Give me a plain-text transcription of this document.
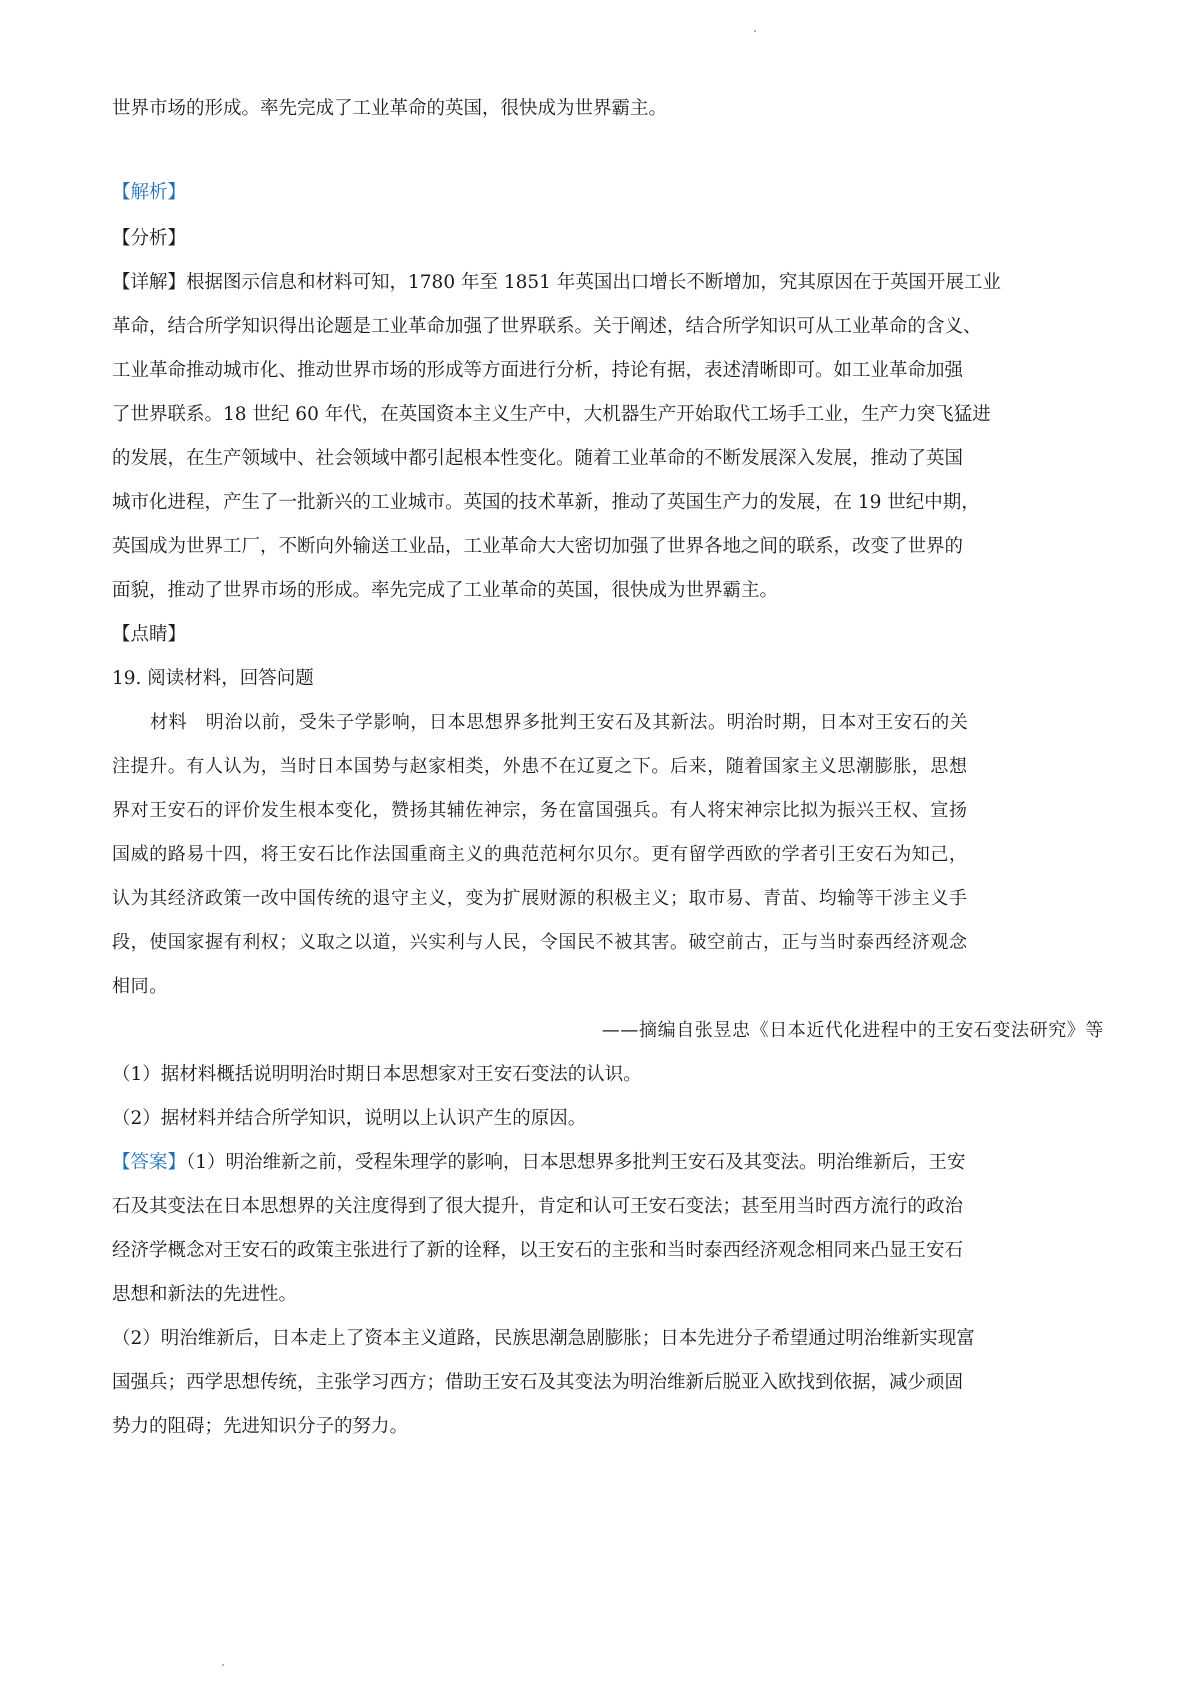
世界市场的形成。率先完成了工业革命的英国，很快成为世界霸主。
【解析】
【分析】
【详解】根据图示信息和材料可知，1780 年至 1851 年英国出口增长不断增加，究其原因在于英国开展工业
革命，结合所学知识得出论题是工业革命加强了世界联系。关于阐述，结合所学知识可从工业革命的含义、
工业革命推动城市化、推动世界市场的形成等方面进行分析，持论有据，表述清晰即可。如工业革命加强
了世界联系。18 世纪 60 年代，在英国资本主义生产中，大机器生产开始取代工场手工业，生产力突飞猛进
的发展，在生产领域中、社会领域中都引起根本性变化。随着工业革命的不断发展深入发展，推动了英国
城市化进程，产生了一批新兴的工业城市。英国的技术革新，推动了英国生产力的发展，在 19 世纪中期，
英国成为世界工厂，不断向外输送工业品，工业革命大大密切加强了世界各地之间的联系，改变了世界的
面貌，推动了世界市场的形成。率先完成了工业革命的英国，很快成为世界霸主。
【点睛】
19. 阅读材料，回答问题
材料　明治以前，受朱子学影响，日本思想界多批判王安石及其新法。明治时期，日本对王安石的关
注提升。有人认为，当时日本国势与赵家相类，外患不在辽夏之下。后来，随着国家主义思潮膨胀，思想
界对王安石的评价发生根本变化，赞扬其辅佐神宗，务在富国强兵。有人将宋神宗比拟为振兴王权、宣扬
国威的路易十四，将王安石比作法国重商主义的典范范柯尔贝尔。更有留学西欧的学者引王安石为知己，
认为其经济政策一改中国传统的退守主义，变为扩展财源的积极主义；取市易、青苗、均输等干涉主义手
段，使国家握有利权；义取之以道，兴实利与人民，令国民不被其害。破空前古，正与当时泰西经济观念
相同。
——摘编自张昱忠《日本近代化进程中的王安石变法研究》等
（1）据材料概括说明明治时期日本思想家对王安石变法的认识。
（2）据材料并结合所学知识，说明以上认识产生的原因。
【答案】（1）明治维新之前，受程朱理学的影响，日本思想界多批判王安石及其变法。明治维新后，王安
石及其变法在日本思想界的关注度得到了很大提升，肯定和认可王安石变法；甚至用当时西方流行的政治
经济学概念对王安石的政策主张进行了新的诠释，以王安石的主张和当时泰西经济观念相同来凸显王安石
思想和新法的先进性。
（2）明治维新后，日本走上了资本主义道路，民族思潮急剧膨胀；日本先进分子希望通过明治维新实现富
国强兵；西学思想传统，主张学习西方；借助王安石及其变法为明治维新后脱亚入欧找到依据，减少顽固
势力的阻碍；先进知识分子的努力。
